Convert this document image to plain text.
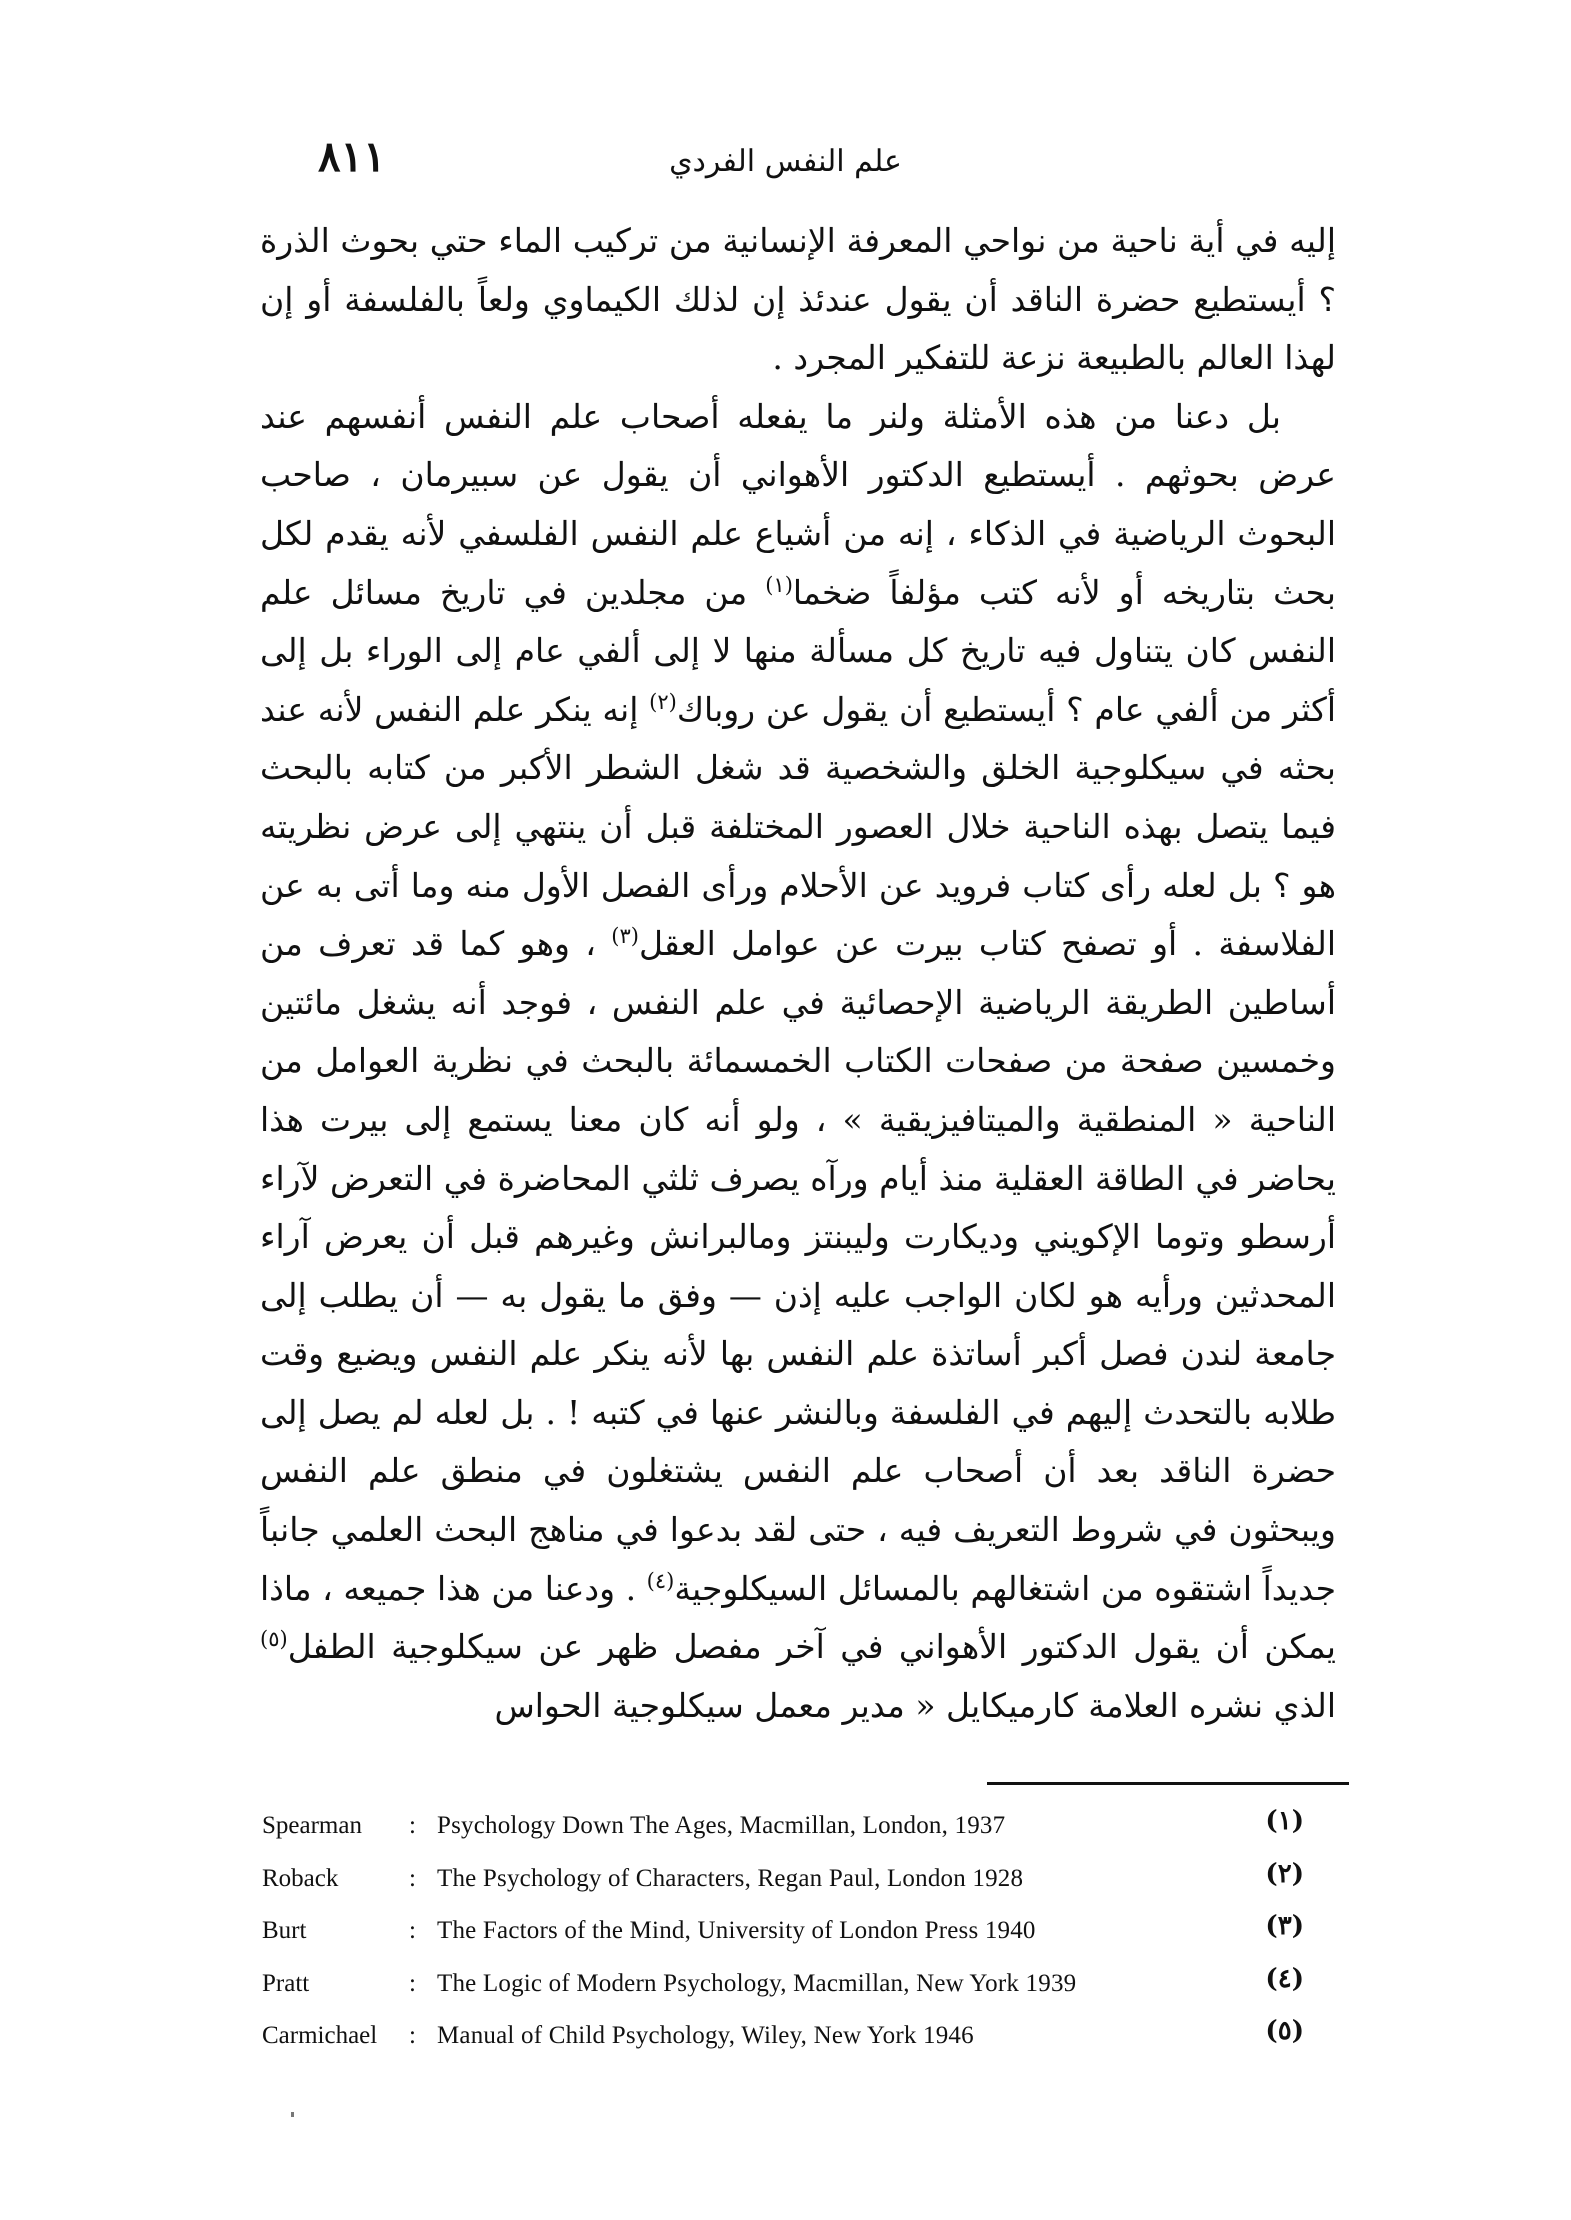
٨١١	علم النفس الفردي

إليه في أية ناحية من نواحي المعرفة الإنسانية من تركيب الماء حتي بحوث الذرة ؟ أيستطيع حضرة الناقد أن يقول عندئذ إن لذلك الكيماوي ولعاً بالفلسفة أو إن لهذا العالم بالطبيعة نزعة للتفكير المجرد .

بل دعنا من هذه الأمثلة ولنر ما يفعله أصحاب علم النفس أنفسهم عند عرض بحوثهم . أيستطيع الدكتور الأهواني أن يقول عن سبيرمان ، صاحب البحوث الرياضية في الذكاء ، إنه من أشياع علم النفس الفلسفي لأنه يقدم لكل بحث بتاريخه أو لأنه كتب مؤلفاً ضخما$^{(١)}$ من مجلدين في تاريخ مسائل علم النفس كان يتناول فيه تاريخ كل مسألة منها لا إلى ألفي عام إلى الوراء بل إلى أكثر من ألفي عام ؟ أيستطيع أن يقول عن روباك$^{(٢)}$ إنه ينكر علم النفس لأنه عند بحثه في سيكلوجية الخلق والشخصية قد شغل الشطر الأكبر من كتابه بالبحث فيما يتصل بهذه الناحية خلال العصور المختلفة قبل أن ينتهي إلى عرض نظريته هو ؟ بل لعله رأى كتاب فرويد عن الأحلام ورأى الفصل الأول منه وما أتى به عن الفلاسفة . أو تصفح كتاب بيرت عن عوامل العقل$^{(٣)}$ ، وهو كما قد تعرف من أساطين الطريقة الرياضية الإحصائية في علم النفس ، فوجد أنه يشغل مائتين وخمسين صفحة من صفحات الكتاب الخمسمائة بالبحث في نظرية العوامل من الناحية « المنطقية والميتافيزيقية » ، ولو أنه كان معنا يستمع إلى بيرت هذا يحاضر في الطاقة العقلية منذ أيام ورآه يصرف ثلثي المحاضرة في التعرض لآراء أرسطو وتوما الإكويني وديكارت وليبنتز ومالبرانش وغيرهم قبل أن يعرض آراء المحدثين ورأيه هو لكان الواجب عليه إذن — وفق ما يقول به — أن يطلب إلى جامعة لندن فصل أكبر أساتذة علم النفس بها لأنه ينكر علم النفس ويضيع وقت طلابه بالتحدث إليهم في الفلسفة وبالنشر عنها في كتبه ! . بل لعله لم يصل إلى حضرة الناقد بعد أن أصحاب علم النفس يشتغلون في منطق علم النفس ويبحثون في شروط التعريف فيه ، حتى لقد بدعوا في مناهج البحث العلمي جانباً جديداً اشتقوه من اشتغالهم بالمسائل السيكلوجية$^{(٤)}$ . ودعنا من هذا جميعه ، ماذا يمكن أن يقول الدكتور الأهواني في آخر مفصل ظهر عن سيكلوجية الطفل$^{(٥)}$ الذي نشره العلامة كارميكايل « مدير معمل سيكلوجية الحواس

Spearman : Psychology Down The Ages, Macmillan, London, 1937	(١)
Roback	: The Psychology of Characters, Regan Paul, London 1928	(٢)
Burt	: The Factors of the Mind, University of London Press 1940	(٣)
Pratt	: The Logic of Modern Psychology, Macmillan, New York 1939	(٤)
Carmichael : Manual of Child Psychology, Wiley, New York 1946	(٥)
